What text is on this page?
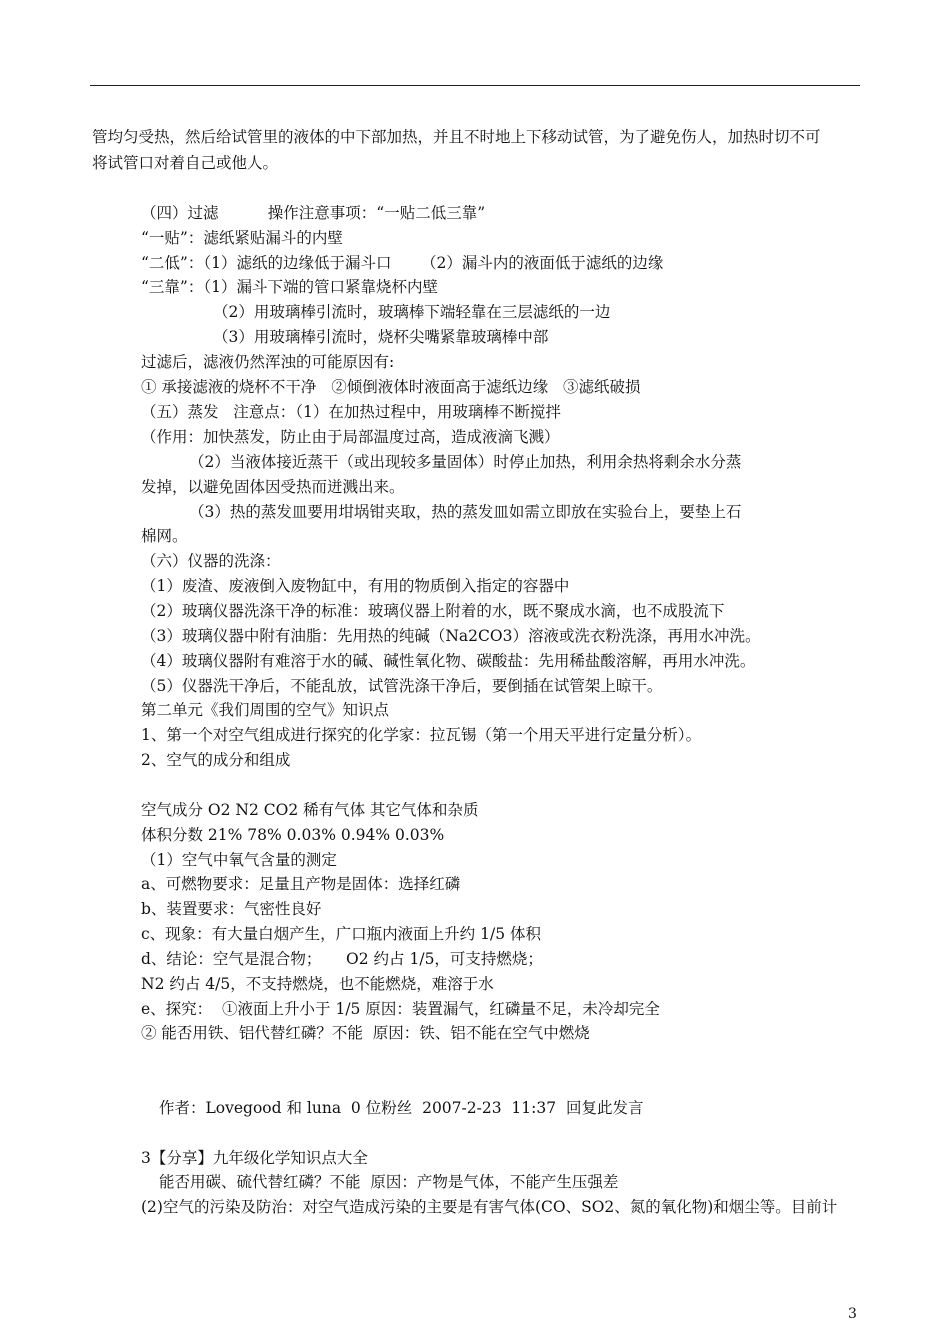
管均匀受热，然后给试管里的液体的中下部加热，并且不时地上下移动试管，为了避免伤人，加热时切不可
将试管口对着自己或他人。
（四）过滤          操作注意事项：“一贴二低三靠”
“一贴”：滤纸紧贴漏斗的内壁
“二低”：（1）滤纸的边缘低于漏斗口      （2）漏斗内的液面低于滤纸的边缘
“三靠”：（1）漏斗下端的管口紧靠烧杯内壁
（2）用玻璃棒引流时，玻璃棒下端轻靠在三层滤纸的一边
（3）用玻璃棒引流时，烧杯尖嘴紧靠玻璃棒中部
过滤后，滤液仍然浑浊的可能原因有:
① 承接滤液的烧杯不干净   ②倾倒液体时液面高于滤纸边缘   ③滤纸破损
（五）蒸发   注意点：（1）在加热过程中，用玻璃棒不断搅拌
（作用：加快蒸发，防止由于局部温度过高，造成液滴飞溅）
（2）当液体接近蒸干（或出现较多量固体）时停止加热，利用余热将剩余水分蒸
发掉，以避免固体因受热而迸溅出来。
（3）热的蒸发皿要用坩埚钳夹取，热的蒸发皿如需立即放在实验台上，要垫上石
棉网。
（六）仪器的洗涤：
（1）废渣、废液倒入废物缸中，有用的物质倒入指定的容器中
（2）玻璃仪器洗涤干净的标准：玻璃仪器上附着的水，既不聚成水滴，也不成股流下
（3）玻璃仪器中附有油脂：先用热的纯碱（Na2CO3）溶液或洗衣粉洗涤，再用水冲洗。
（4）玻璃仪器附有难溶于水的碱、碱性氧化物、碳酸盐：先用稀盐酸溶解，再用水冲洗。
（5）仪器洗干净后，不能乱放，试管洗涤干净后，要倒插在试管架上晾干。
第二单元《我们周围的空气》知识点
1、第一个对空气组成进行探究的化学家：拉瓦锡（第一个用天平进行定量分析）。
2、空气的成分和组成
空气成分 O2 N2 CO2 稀有气体 其它气体和杂质
体积分数 21% 78% 0.03% 0.94% 0.03%
（1）空气中氧气含量的测定
a、可燃物要求：足量且产物是固体：选择红磷
b、装置要求：气密性良好
c、现象：有大量白烟产生，广口瓶内液面上升约 1/5 体积
d、结论：空气是混合物；     O2 约占 1/5，可支持燃烧；
N2 约占 4/5，不支持燃烧，也不能燃烧，难溶于水
e、探究：  ①液面上升小于 1/5 原因：装置漏气，红磷量不足，未冷却完全
② 能否用铁、铝代替红磷？不能  原因：铁、铝不能在空气中燃烧
作者：Lovegood 和 luna  0 位粉丝  2007-2-23  11:37  回复此发言
3【分享】九年级化学知识点大全
能否用碳、硫代替红磷？不能  原因：产物是气体，不能产生压强差
(2)空气的污染及防治：对空气造成污染的主要是有害气体(CO、SO2、氮的氧化物)和烟尘等。目前计
3
